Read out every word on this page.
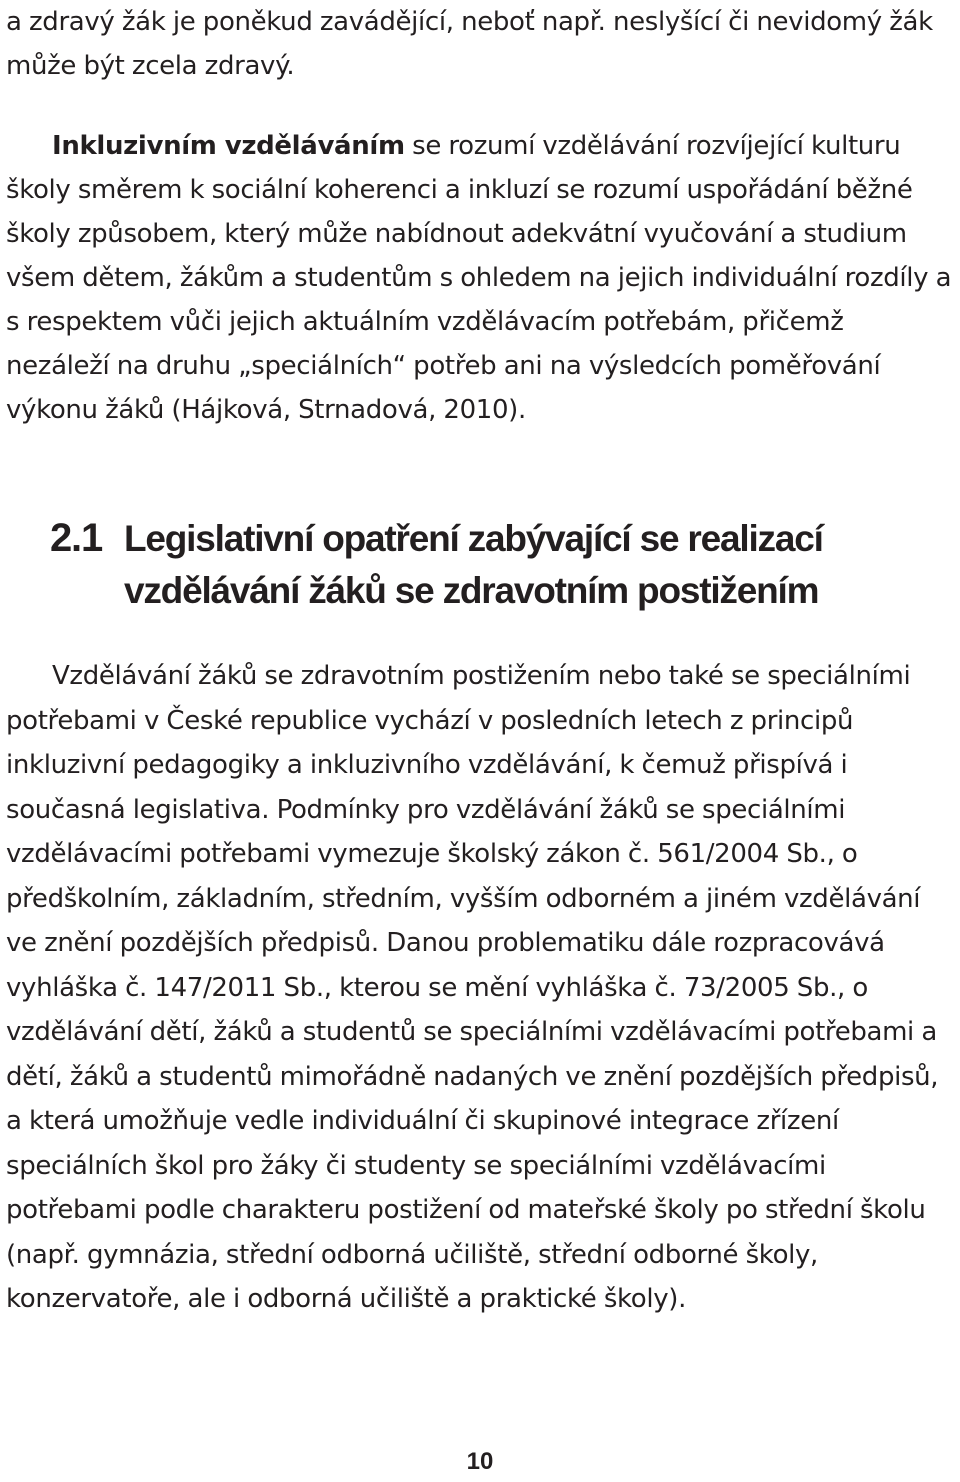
a zdravý žák je poněkud zavádějící, neboť např. neslyšící či nevidomý žák může být zcela zdravý.

Inkluzivním vzděláváním se rozumí vzdělávání rozvíjející kulturu školy směrem k sociální koherenci a inkluzí se rozumí uspořádání běžné školy způsobem, který může nabídnout adekvátní vyučování a studium všem dětem, žákům a studentům s ohledem na jejich individuální rozdíly a s respektem vůči jejich aktuálním vzdělávacím potřebám, přičemž nezáleží na druhu „speciálních“ potřeb ani na výsledcích poměřování výkonu žáků (Hájková, Strnadová, 2010).

2.1 Legislativní opatření zabývající se realizací
vzdělávání žáků se zdravotním postižením

Vzdělávání žáků se zdravotním postižením nebo také se speciálními potřebami v České republice vychází v posledních letech z principů inkluzivní pedagogiky a inkluzivního vzdělávání, k čemuž přispívá i současná legislativa. Podmínky pro vzdělávání žáků se speciálními vzdělávacími potřebami vymezuje školský zákon č. 561/2004 Sb., o předškolním, základním, středním, vyšším odborném a jiném vzdělávání ve znění pozdějších předpisů. Danou problematiku dále rozpracovává vyhláška č. 147/2011 Sb., kterou se mění vyhláška č. 73/2005 Sb., o vzdělávání dětí, žáků a studentů se speciálními vzdělávacími potřebami a dětí, žáků a studentů mimořádně nadaných ve znění pozdějších předpisů, a která umožňuje vedle individuální či skupinové integrace zřízení speciálních škol pro žáky či studenty se speciálními vzdělávacími potřebami podle charakteru postižení od mateřské školy po střední školu (např. gymnázia, střední odborná učiliště, střední odborné školy, konzervatoře, ale i odborná učiliště a praktické školy).

10
